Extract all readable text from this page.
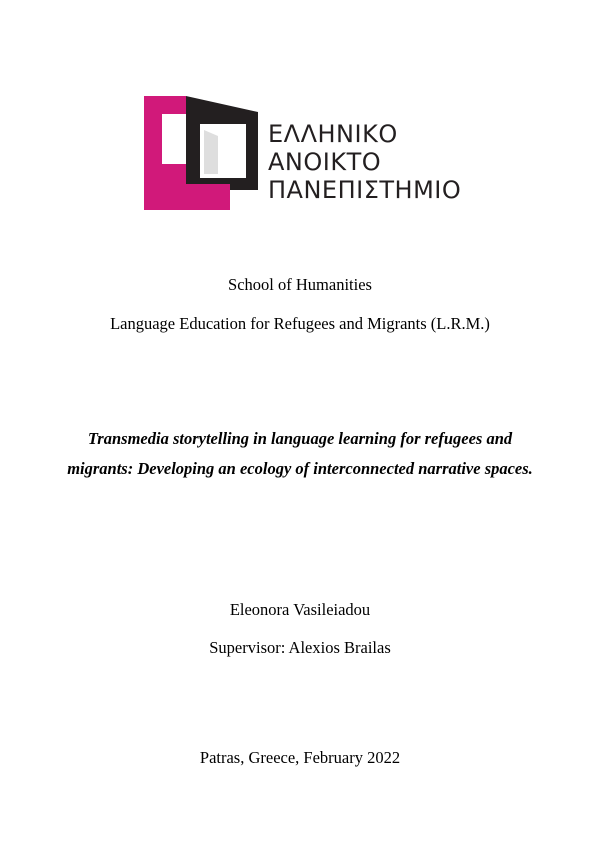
ΕΛΛΗΝΙΚΟ
ΑΝΟΙΚΤΟ
ΠΑΝΕΠΙΣΤΗΜΙΟ
School of Humanities
Language Education for Refugees and Migrants (L.R.M.)
Transmedia storytelling in language learning for refugees and migrants: Developing an ecology of interconnected narrative spaces.
Eleonora Vasileiadou
Supervisor: Alexios Brailas
Patras, Greece, February 2022
